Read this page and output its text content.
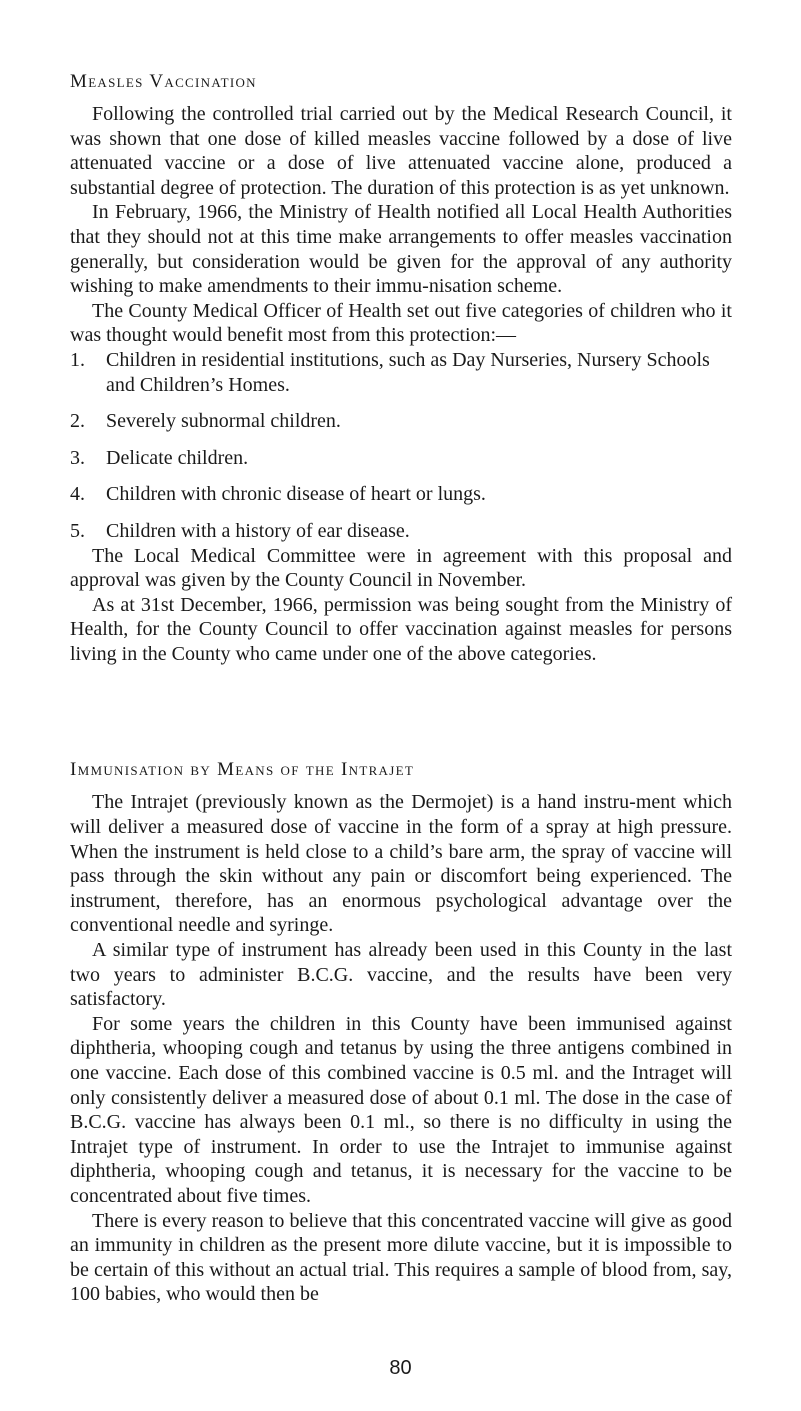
Measles Vaccination

Following the controlled trial carried out by the Medical Research Council, it was shown that one dose of killed measles vaccine followed by a dose of live attenuated vaccine or a dose of live attenuated vaccine alone, produced a substantial degree of protection. The duration of this protection is as yet unknown.

In February, 1966, the Ministry of Health notified all Local Health Authorities that they should not at this time make arrangements to offer measles vaccination generally, but consideration would be given for the approval of any authority wishing to make amendments to their immu-nisation scheme.

The County Medical Officer of Health set out five categories of children who it was thought would benefit most from this protection:—

1. Children in residential institutions, such as Day Nurseries, Nursery Schools and Children’s Homes.
2. Severely subnormal children.
3. Delicate children.
4. Children with chronic disease of heart or lungs.
5. Children with a history of ear disease.

The Local Medical Committee were in agreement with this proposal and approval was given by the County Council in November.

As at 31st December, 1966, permission was being sought from the Ministry of Health, for the County Council to offer vaccination against measles for persons living in the County who came under one of the above categories.

Immunisation by Means of the Intrajet

The Intrajet (previously known as the Dermojet) is a hand instru-ment which will deliver a measured dose of vaccine in the form of a spray at high pressure. When the instrument is held close to a child’s bare arm, the spray of vaccine will pass through the skin without any pain or discomfort being experienced. The instrument, therefore, has an enormous psychological advantage over the conventional needle and syringe.

A similar type of instrument has already been used in this County in the last two years to administer B.C.G. vaccine, and the results have been very satisfactory.

For some years the children in this County have been immunised against diphtheria, whooping cough and tetanus by using the three antigens combined in one vaccine. Each dose of this combined vaccine is 0.5 ml. and the Intraget will only consistently deliver a measured dose of about 0.1 ml. The dose in the case of B.C.G. vaccine has always been 0.1 ml., so there is no difficulty in using the Intrajet type of instrument. In order to use the Intrajet to immunise against diphtheria, whooping cough and tetanus, it is necessary for the vaccine to be concentrated about five times.

There is every reason to believe that this concentrated vaccine will give as good an immunity in children as the present more dilute vaccine, but it is impossible to be certain of this without an actual trial. This requires a sample of blood from, say, 100 babies, who would then be

80
